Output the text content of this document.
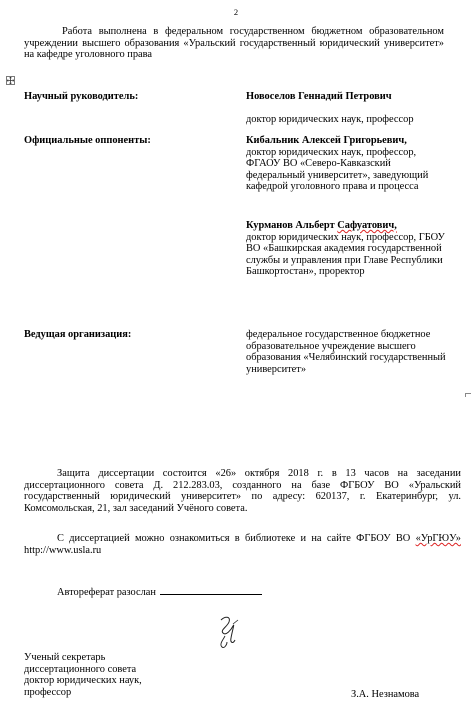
2
Работа выполнена в федеральном государственном бюджетном образовательном учреждении высшего образования «Уральский государственный юридический университет» на кафедре уголовного права
Научный руководитель:	Новоселов Геннадий Петрович
доктор юридических наук, профессор
Официальные оппоненты:	Кибальник Алексей Григорьевич,
доктор юридических наук, профессор, ФГАОУ ВО «Северо-Кавказский федеральный университет», заведующий кафедрой уголовного права и процесса
Курманов Альберт Сафуатович,
доктор юридических наук, профессор, ГБОУ ВО «Башкирская академия государственной службы и управления при Главе Республики Башкортостан», проректор
Ведущая организация:	федеральное государственное бюджетное образовательное учреждение высшего образования «Челябинский государственный университет»
Защита диссертации состоится «26» октября 2018 г. в 13 часов на заседании диссертационного совета Д. 212.283.03, созданного на базе ФГБОУ ВО «Уральский государственный юридический университет» по адресу: 620137, г. Екатеринбург, ул. Комсомольская, 21, зал заседаний Учёного совета.
С диссертацией можно ознакомиться в библиотеке и на сайте ФГБОУ ВО «УрГЮУ» http://www.usla.ru
Автореферат разослан
Ученый секретарь
диссертационного совета
доктор юридических наук,
профессор	З.А. Незнамова
